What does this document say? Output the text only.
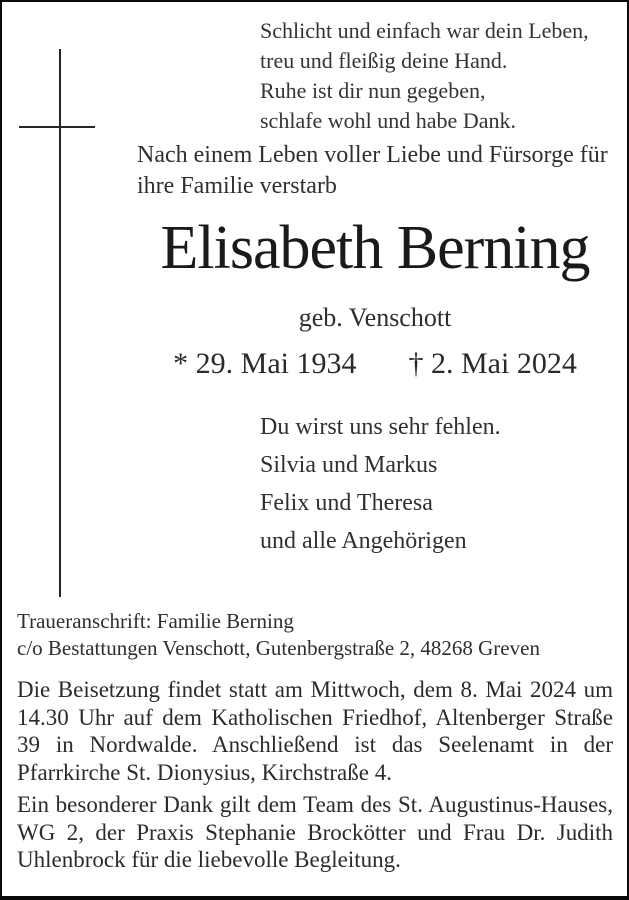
Schlicht und einfach war dein Leben,
treu und fleißig deine Hand.
Ruhe ist dir nun gegeben,
schlafe wohl und habe Dank.
Nach einem Leben voller Liebe und Fürsorge für
ihre Familie verstarb
Elisabeth Berning
geb. Venschott
* 29. Mai 1934 † 2. Mai 2024
Du wirst uns sehr fehlen.
Silvia und Markus
Felix und Theresa
und alle Angehörigen
Traueranschrift: Familie Berning
c/o Bestattungen Venschott, Gutenbergstraße 2, 48268 Greven
Die Beisetzung findet statt am Mittwoch, dem 8. Mai 2024 um 14.30 Uhr auf dem Katholischen Friedhof, Altenberger Straße 39 in Nordwalde. Anschließend ist das Seelenamt in der Pfarrkirche St. Dionysius, Kirchstraße 4.
Ein besonderer Dank gilt dem Team des St. Augustinus-Hauses, WG 2, der Praxis Stephanie Brockötter und Frau Dr. Judith Uhlenbrock für die liebevolle Begleitung.
